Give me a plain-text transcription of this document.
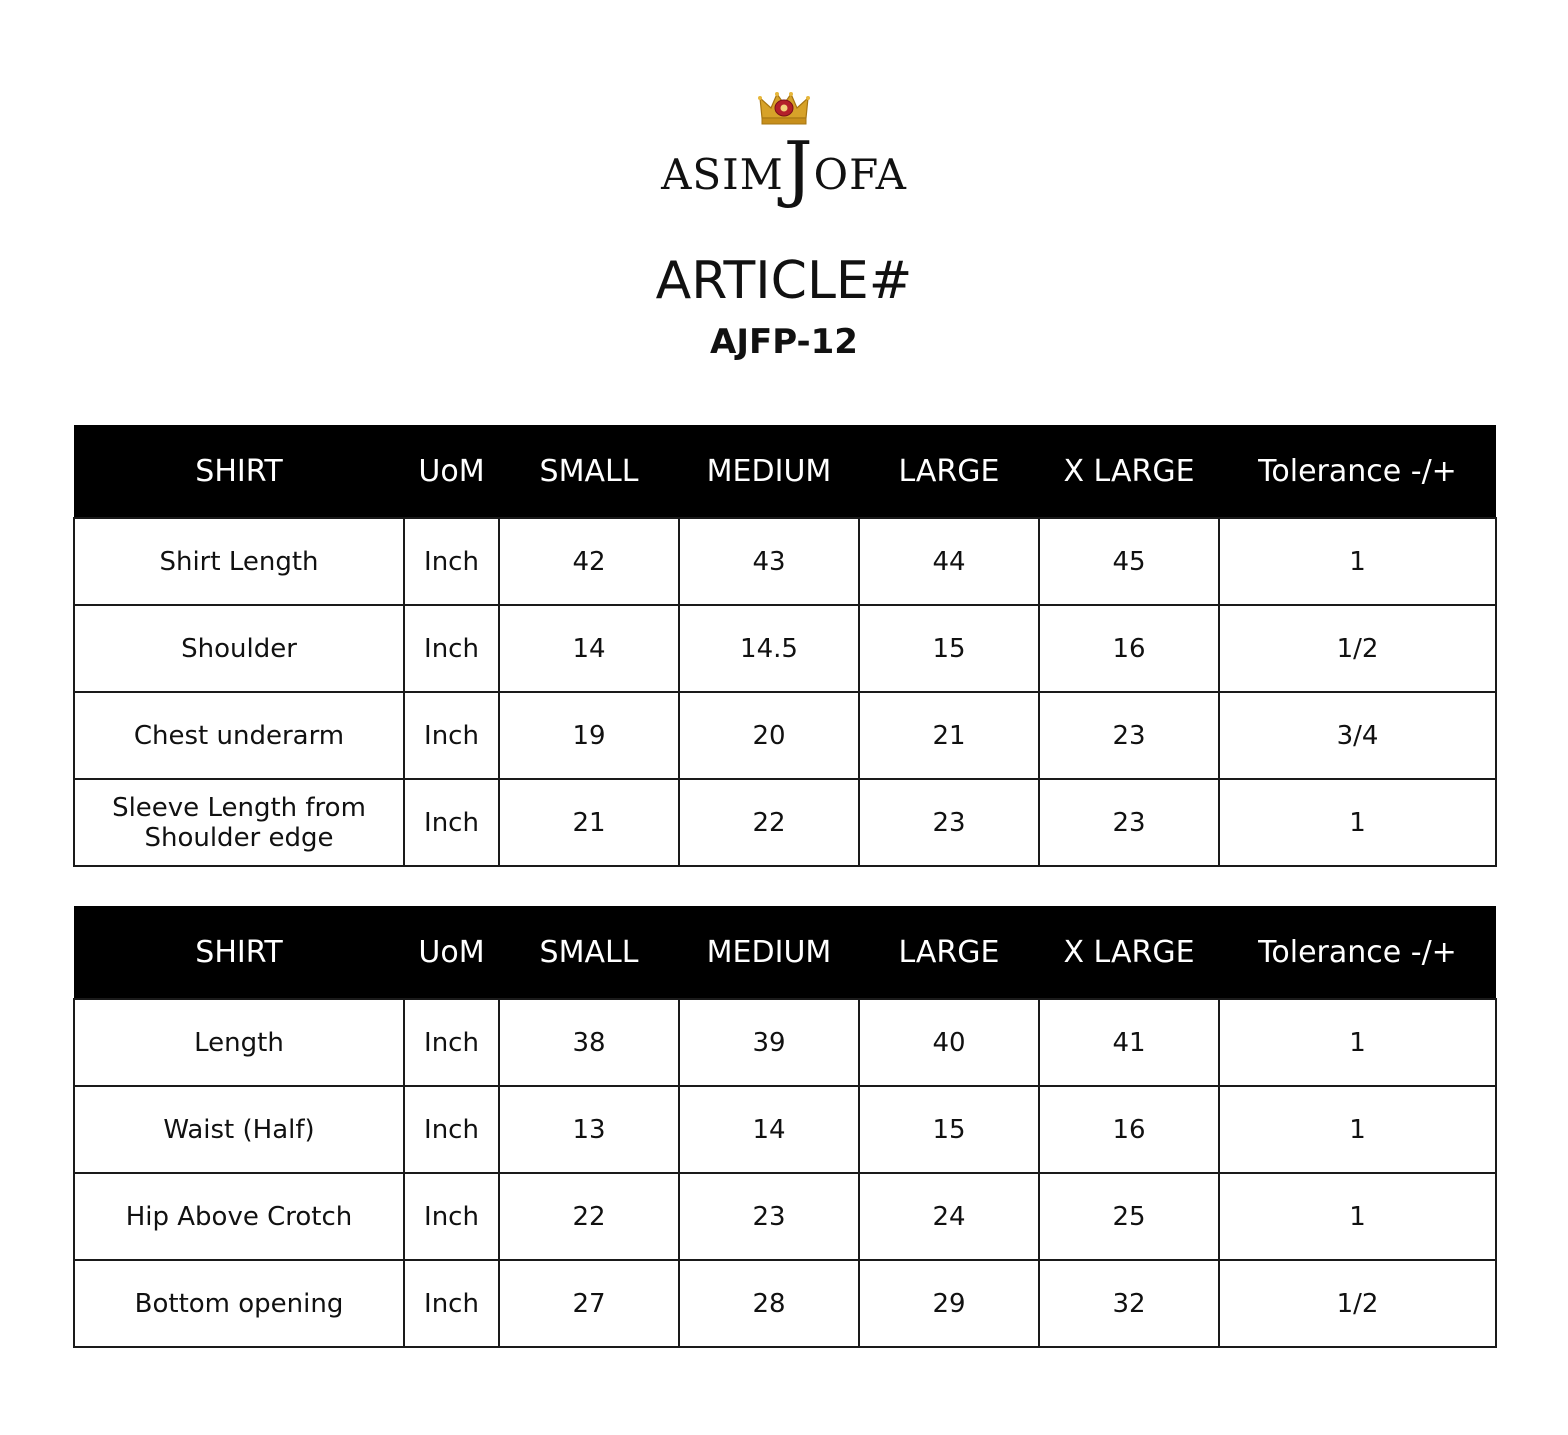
ASIMJOFA
ARTICLE#
AJFP-12
SHIRT	UoM	SMALL	MEDIUM	LARGE	X LARGE	Tolerance -/+
Shirt Length	Inch	42	43	44	45	1
Shoulder	Inch	14	14.5	15	16	1/2
Chest underarm	Inch	19	20	21	23	3/4
Sleeve Length from Shoulder edge	Inch	21	22	23	23	1
SHIRT	UoM	SMALL	MEDIUM	LARGE	X LARGE	Tolerance -/+
Length	Inch	38	39	40	41	1
Waist (Half)	Inch	13	14	15	16	1
Hip Above Crotch	Inch	22	23	24	25	1
Bottom opening	Inch	27	28	29	32	1/2
